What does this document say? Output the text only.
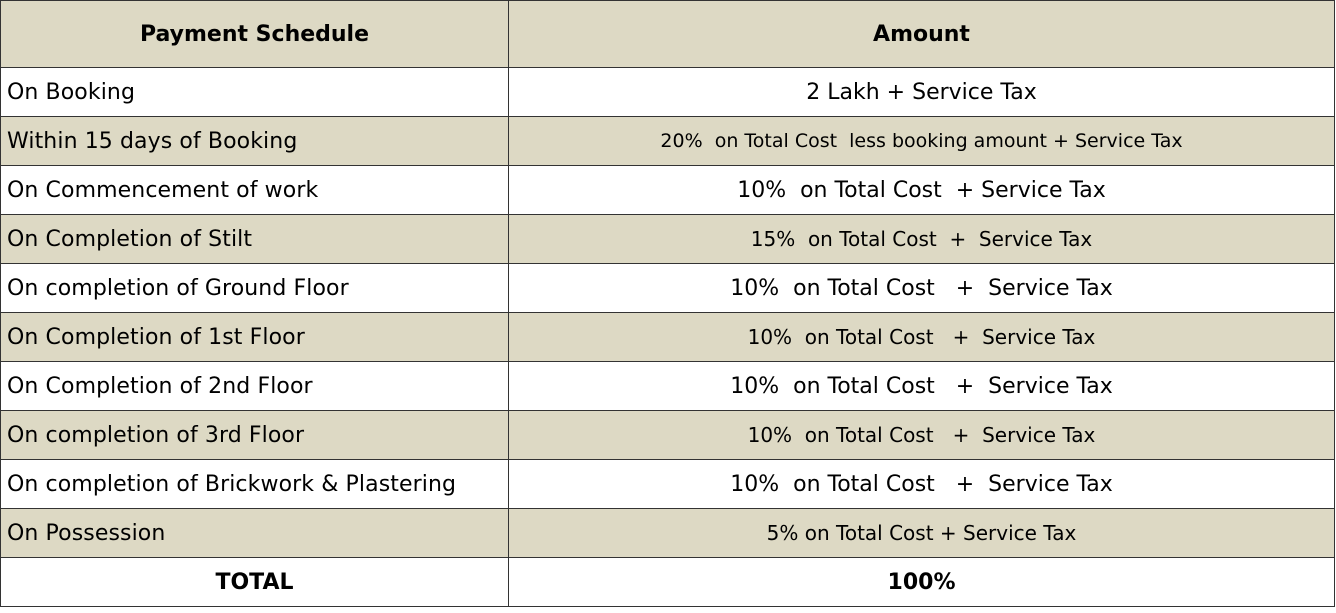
Payment Schedule	Amount
On Booking	2 Lakh + Service Tax
Within 15 days of Booking	20%  on Total Cost  less booking amount + Service Tax
On Commencement of work	10%  on Total Cost  + Service Tax
On Completion of Stilt	15%  on Total Cost  +  Service Tax
On completion of Ground Floor	10%  on Total Cost   +  Service Tax
On Completion of 1st Floor	10%  on Total Cost   +  Service Tax
On Completion of 2nd Floor	10%  on Total Cost   +  Service Tax
On completion of 3rd Floor	10%  on Total Cost   +  Service Tax
On completion of Brickwork & Plastering	10%  on Total Cost   +  Service Tax
On Possession	5% on Total Cost + Service Tax
TOTAL	100%
